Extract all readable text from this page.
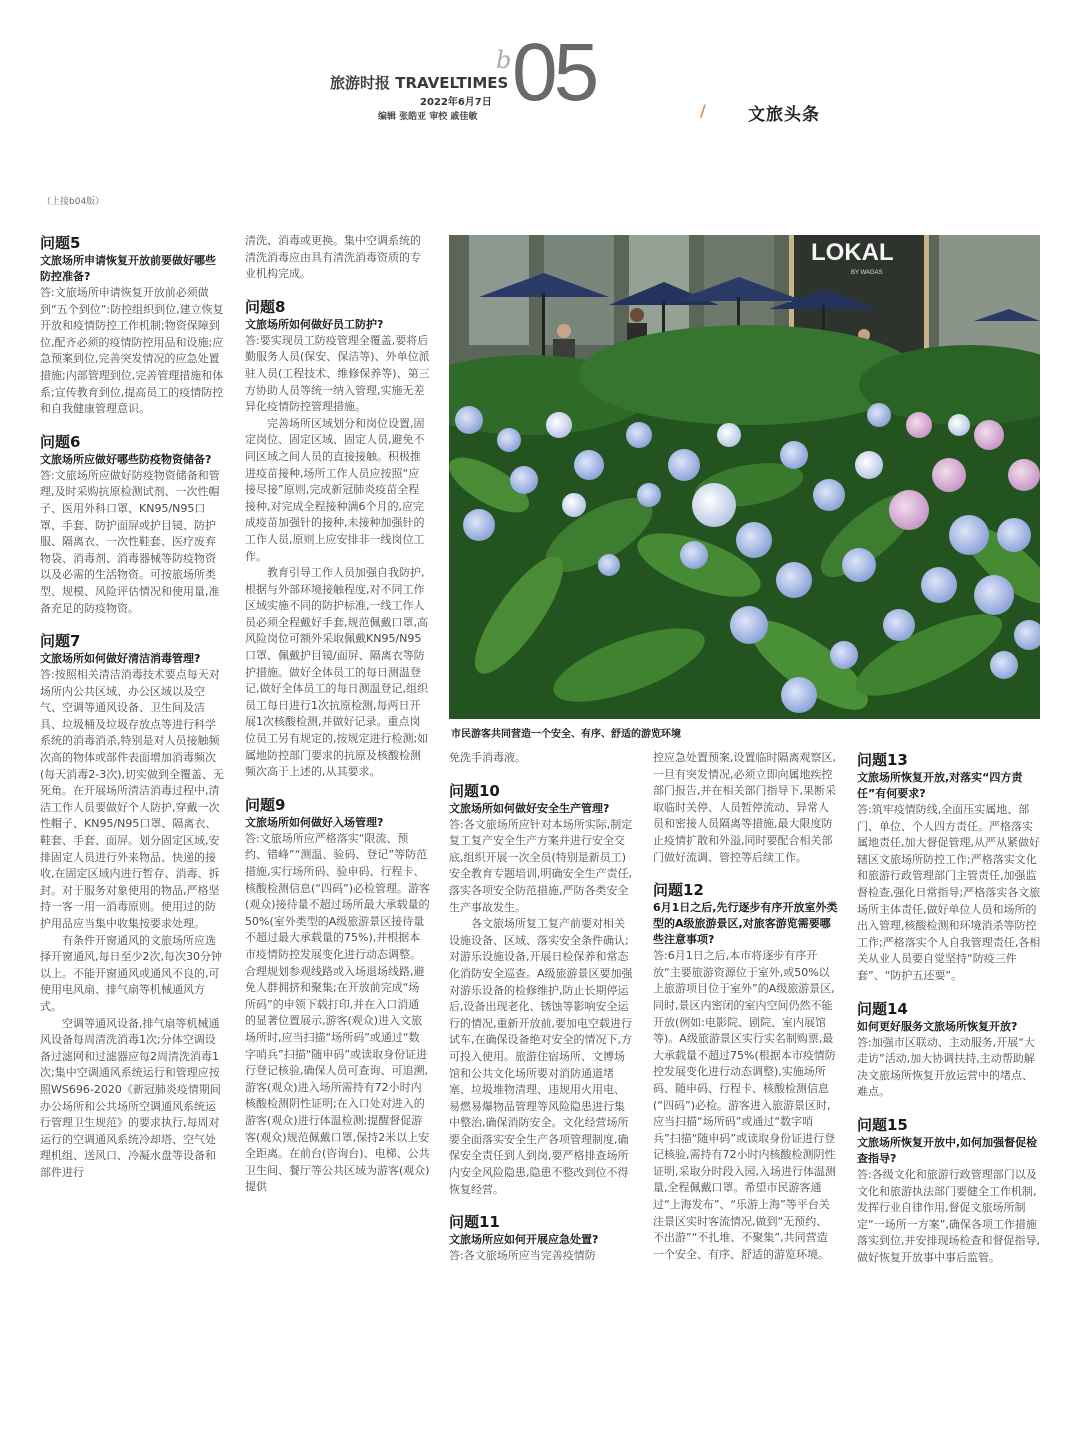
旅游时报 TRAVELTIMES
2022年6月7日
编辑 张皓亚 审校 戚佳敏
b 05	/ 文旅头条
（上接b04版）
问题5
文旅场所申请恢复开放前要做好哪些防控准备?

答:文旅场所申请恢复开放前必须做到“五个到位”:防控组织到位,建立恢复开放和疫情防控工作机制;物资保障到位,配齐必须的疫情防控用品和设施;应急预案到位,完善突发情况的应急处置措施;内部管理到位,完善管理措施和体系;宣传教育到位,提高员工的疫情防控和自我健康管理意识。

问题6
文旅场所应做好哪些防疫物资储备?

答:文旅场所应做好防疫物资储备和管理,及时采购抗原检测试剂、一次性帽子、医用外科口罩、KN95/N95口罩、手套、防护面屏或护目镜、防护服、隔离衣、一次性鞋套、医疗废弃物袋、消毒剂、消毒器械等防疫物资以及必需的生活物资。可按旅场所类型、规模、风险评估情况和使用量,准备充足的防疫物资。

问题7
文旅场所如何做好清洁消毒管理?

答:按照相关清洁消毒技术要点每天对场所内公共区域、办公区域以及空气、空调等通风设备、卫生间及洁具、垃圾桶及垃圾存放点等进行科学系统的消毒消杀,特别是对人员接触频次高的物体或部件表面增加消毒频次(每天消毒2-3次),切实做到全覆盖、无死角。在开展场所清洁消毒过程中,清洁工作人员要做好个人防护,穿戴一次性帽子、KN95/N95口罩、隔离衣、鞋套、手套、面屏。划分固定区域,安排固定人员进行外来物品、快递的接收,在固定区域内进行暂存、消毒、拆封。对于服务对象使用的物品,严格坚持一客一用一消毒原则。使用过的防护用品应当集中收集按要求处理。

有条件开窗通风的文旅场所应选择开窗通风,每日至少2次,每次30分钟以上。不能开窗通风或通风不良的,可使用电风扇、排气扇等机械通风方式。

空调等通风设备,排气扇等机械通风设备每周清洗消毒1次;分体空调设备过滤网和过滤器应每2周清洗消毒1次;集中空调通风系统运行和管理应按照WS696-2020《新冠肺炎疫情期间办公场所和公共场所空调通风系统运行管理卫生规范》的要求执行,每周对运行的空调通风系统冷却塔、空气处理机组、送风口、冷凝水盘等设备和部件进行

清洗、消毒或更换。集中空调系统的清洗消毒应由具有清洗消毒资质的专业机构完成。

问题8
文旅场所如何做好员工防护?

答:要实现员工防疫管理全覆盖,要将后勤服务人员(保安、保洁等)、外单位派驻人员(工程技术、维修保养等)、第三方协助人员等统一纳入管理,实施无差异化疫情防控管理措施。

完善场所区域划分和岗位设置,固定岗位、固定区域、固定人员,避免不同区域之间人员的直接接触。积极推进疫苗接种,场所工作人员应按照“应接尽接”原则,完成新冠肺炎疫苗全程接种,对完成全程接种满6个月的,应完成疫苗加强针的接种,未接种加强针的工作人员,原则上应安排非一线岗位工作。

教育引导工作人员加强自我防护,根据与外部环境接触程度,对不同工作区域实施不同的防护标准,一线工作人员必须全程戴好手套,规范佩戴口罩,高风险岗位可额外采取佩戴KN95/N95口罩、佩戴护目镜/面屏、隔离衣等防护措施。做好全体员工的每日测温登记,做好全体员工的每日测温登记,组织员工每日进行1次抗原检测,每两日开展1次核酸检测,并做好记录。重点岗位员工另有规定的,按规定进行检测;如属地防控部门要求的抗原及核酸检测频次高于上述的,从其要求。

问题9
文旅场所如何做好入场管理?

答:文旅场所应严格落实“限流、预约、错峰”“测温、验码、登记”等防范措施,实行场所码、验申码、行程卡、核酸检测信息(“四码”)必检管理。游客(观众)接待量不超过场所最大承载量的50%(室外类型的A级旅游景区接待量不超过最大承载量的75%),并根据本市疫情防控发展变化进行动态调整。合理规划参观线路或入场退场线路,避免人群拥挤和聚集;在开放前完成“场所码”的申领下载打印,并在入口消通的显著位置展示,游客(观众)进入文旅场所时,应当扫描“场所码”或通过“数字哨兵”扫描“随申码”或读取身份证进行登记核验,确保人员可查询、可追溯,游客(观众)进入场所需持有72小时内核酸检测阴性证明;在入口处对进入的游客(观众)进行体温检测;提醒督促游客(观众)规范佩戴口罩,保持2米以上安全距离。在前台(咨询台)、电梯、公共卫生间、餐厅等公共区域为游客(观众)提供

LOKAL
BY WAGAS
市民游客共同营造一个安全、有序、舒适的游览环境

免洗手消毒液。

问题10
文旅场所如何做好安全生产管理?

答:各文旅场所应针对本场所实际,制定复工复产安全生产方案并进行安全交底,组织开展一次全员(特别是新员工)安全教育专题培训,明确安全生产责任,落实各项安全防范措施,严防各类安全生产事故发生。

各文旅场所复工复产前要对相关设施设备、区域、落实安全条件确认;对游乐设施设备,开展日检保养和常态化消防安全巡查。A级旅游景区要加强对游乐设备的检修维护,防止长期停运后,设备出现老化、锈蚀等影响安全运行的情况,重新开放前,要加电空载进行试车,在确保设备绝对安全的情况下,方可投入使用。旅游住宿场所、文博场馆和公共文化场所要对消防通道堵塞、垃圾堆物清理、违规用火用电、易燃易爆物品管理等风险隐患进行集中整治,确保消防安全。文化经营场所要全面落实安全生产各项管理制度,确保安全责任到人到岗,要严格排查场所内安全风险隐患,隐患不整改到位不得恢复经营。

问题11
文旅场所应如何开展应急处置?

答:各文旅场所应当完善疫情防

控应急处置预案,设置临时隔离观察区,一旦有突发情况,必须立即向属地疾控部门报告,并在相关部门指导下,果断采取临时关停、人员暂停流动、异常人员和密接人员隔离等措施,最大限度防止疫情扩散和外溢,同时要配合相关部门做好流调、管控等后续工作。

问题12
6月1日之后,先行逐步有序开放室外类型的A级旅游景区,对旅客游览需要哪些注意事项?

答:6月1日之后,本市将逐步有序开放“主要旅游资源位于室外,或50%以上旅游项目位于室外”的A级旅游景区,同时,景区内密闭的室内空间仍然不能开放(例如:电影院、剧院、室内展馆等)。A级旅游景区实行实名制购票,最大承载量不超过75%(根据本市疫情防控发展变化进行动态调整),实施场所码、随申码、行程卡、核酸检测信息(“四码”)必检。游客进入旅游景区时,应当扫描“场所码”或通过“数字哨兵”扫描“随申码”或读取身份证进行登记核验,需持有72小时内核酸检测阴性证明,采取分时段入园,入场进行体温测量,全程佩戴口罩。希望市民游客通过“上海发布”、“乐游上海”等平台关注景区实时客流情况,做到“无预约、不出游”“不扎堆、不聚集”,共同营造一个安全、有序、舒适的游览环境。

问题13
文旅场所恢复开放,对落实“四方责任”有何要求?

答:筑牢疫情防线,全面压实属地、部门、单位、个人四方责任。严格落实属地责任,加大督促管理,从严从紧做好辖区文旅场所防控工作;严格落实文化和旅游行政管理部门主管责任,加强监督检查,强化日常指导;严格落实各文旅场所主体责任,做好单位人员和场所的出入管理,核酸检测和环境消杀等防控工作;严格落实个人自我管理责任,各相关从业人员要自觉坚持“防疫三件套”、“防护五还要”。

问题14
如何更好服务文旅场所恢复开放?

答:加强市区联动、主动服务,开展“大走访”活动,加大协调扶持,主动帮助解决文旅场所恢复开放运营中的堵点、难点。

问题15
文旅场所恢复开放中,如何加强督促检查指导?

答:各级文化和旅游行政管理部门以及文化和旅游执法部门要健全工作机制,发挥行业自律作用,督促文旅场所制定“一场所一方案”,确保各项工作措施落实到位,并安排现场检查和督促指导,做好恢复开放事中事后监管。
